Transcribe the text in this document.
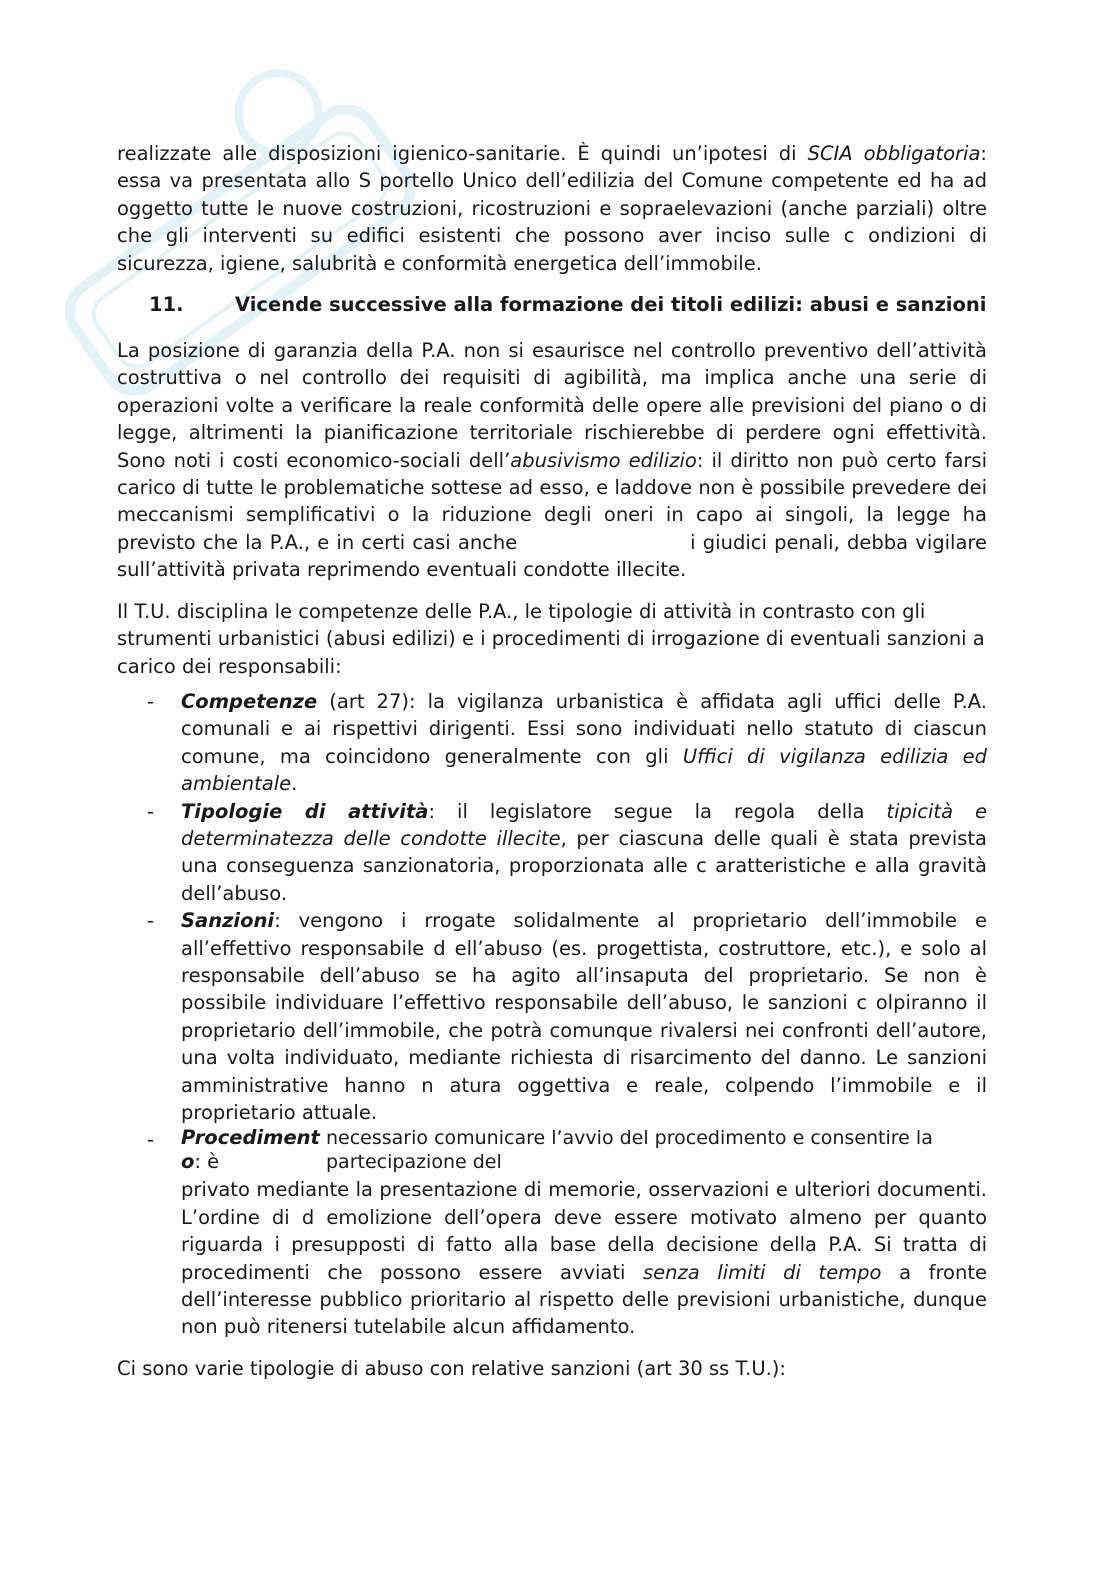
realizzate alle disposizioni igienico-sanitarie. È quindi un’ipotesi di SCIA obbligatoria: essa va presentata allo S portello Unico dell’edilizia del Comune competente ed ha ad oggetto tutte le nuove costruzioni, ricostruzioni e sopraelevazioni (anche parziali) oltre che gli interventi su edifici esistenti che possono aver inciso sulle c ondizioni di sicurezza, igiene, salubrità e conformità energetica dell’immobile.

11.	Vicende successive alla formazione dei titoli edilizi: abusi e sanzioni

La posizione di garanzia della P.A. non si esaurisce nel controllo preventivo dell’attività costruttiva o nel controllo dei requisiti di agibilità, ma implica anche una serie di operazioni volte a verificare la reale conformità delle opere alle previsioni del piano o di legge, altrimenti la pianificazione territoriale rischierebbe di perdere ogni effettività. Sono noti i costi economico-sociali dell’abusivismo edilizio: il diritto non può certo farsi carico di tutte le problematiche sottese ad esso, e laddove non è possibile prevedere dei meccanismi semplificativi o la riduzione degli oneri in capo ai singoli, la legge ha previsto che la P.A., e in certi casi anche                        i giudici penali, debba vigilare sull’attività privata reprimendo eventuali condotte illecite.

Il T.U. disciplina le competenze delle P.A., le tipologie di attività in contrasto con gli strumenti urbanistici (abusi edilizi) e i procedimenti di irrogazione di eventuali sanzioni a carico dei responsabili:

- Competenze (art 27): la vigilanza urbanistica è affidata agli uffici delle P.A. comunali e ai rispettivi dirigenti. Essi sono individuati nello statuto di ciascun comune, ma coincidono generalmente con gli Uffici di vigilanza edilizia ed ambientale.
- Tipologie di attività: il legislatore segue la regola della tipicità e determinatezza delle condotte illecite, per ciascuna delle quali è stata prevista una conseguenza sanzionatoria, proporzionata alle c aratteristiche e alla gravità dell’abuso.
- Sanzioni: vengono i rrogate solidalmente al proprietario dell’immobile e all’effettivo responsabile d ell’abuso (es. progettista, costruttore, etc.), e solo al responsabile dell’abuso se ha agito all’insaputa del proprietario. Se non è possibile individuare l’effettivo responsabile dell’abuso, le sanzioni c olpiranno il proprietario dell’immobile, che potrà comunque rivalersi nei confronti dell’autore, una volta individuato, mediante richiesta di risarcimento del danno. Le sanzioni amministrative hanno n atura oggettiva e reale, colpendo l’immobile e il proprietario attuale.
- Procediment necessario comunicare l’avvio del procedimento e consentire la
o: è	partecipazione del
privato mediante la presentazione di memorie, osservazioni e ulteriori documenti. L’ordine di d emolizione dell’opera deve essere motivato almeno per quanto riguarda i presupposti di fatto alla base della decisione della P.A. Si tratta di procedimenti che possono essere avviati senza limiti di tempo a fronte dell’interesse pubblico prioritario al rispetto delle previsioni urbanistiche, dunque non può ritenersi tutelabile alcun affidamento.

Ci sono varie tipologie di abuso con relative sanzioni (art 30 ss T.U.):
